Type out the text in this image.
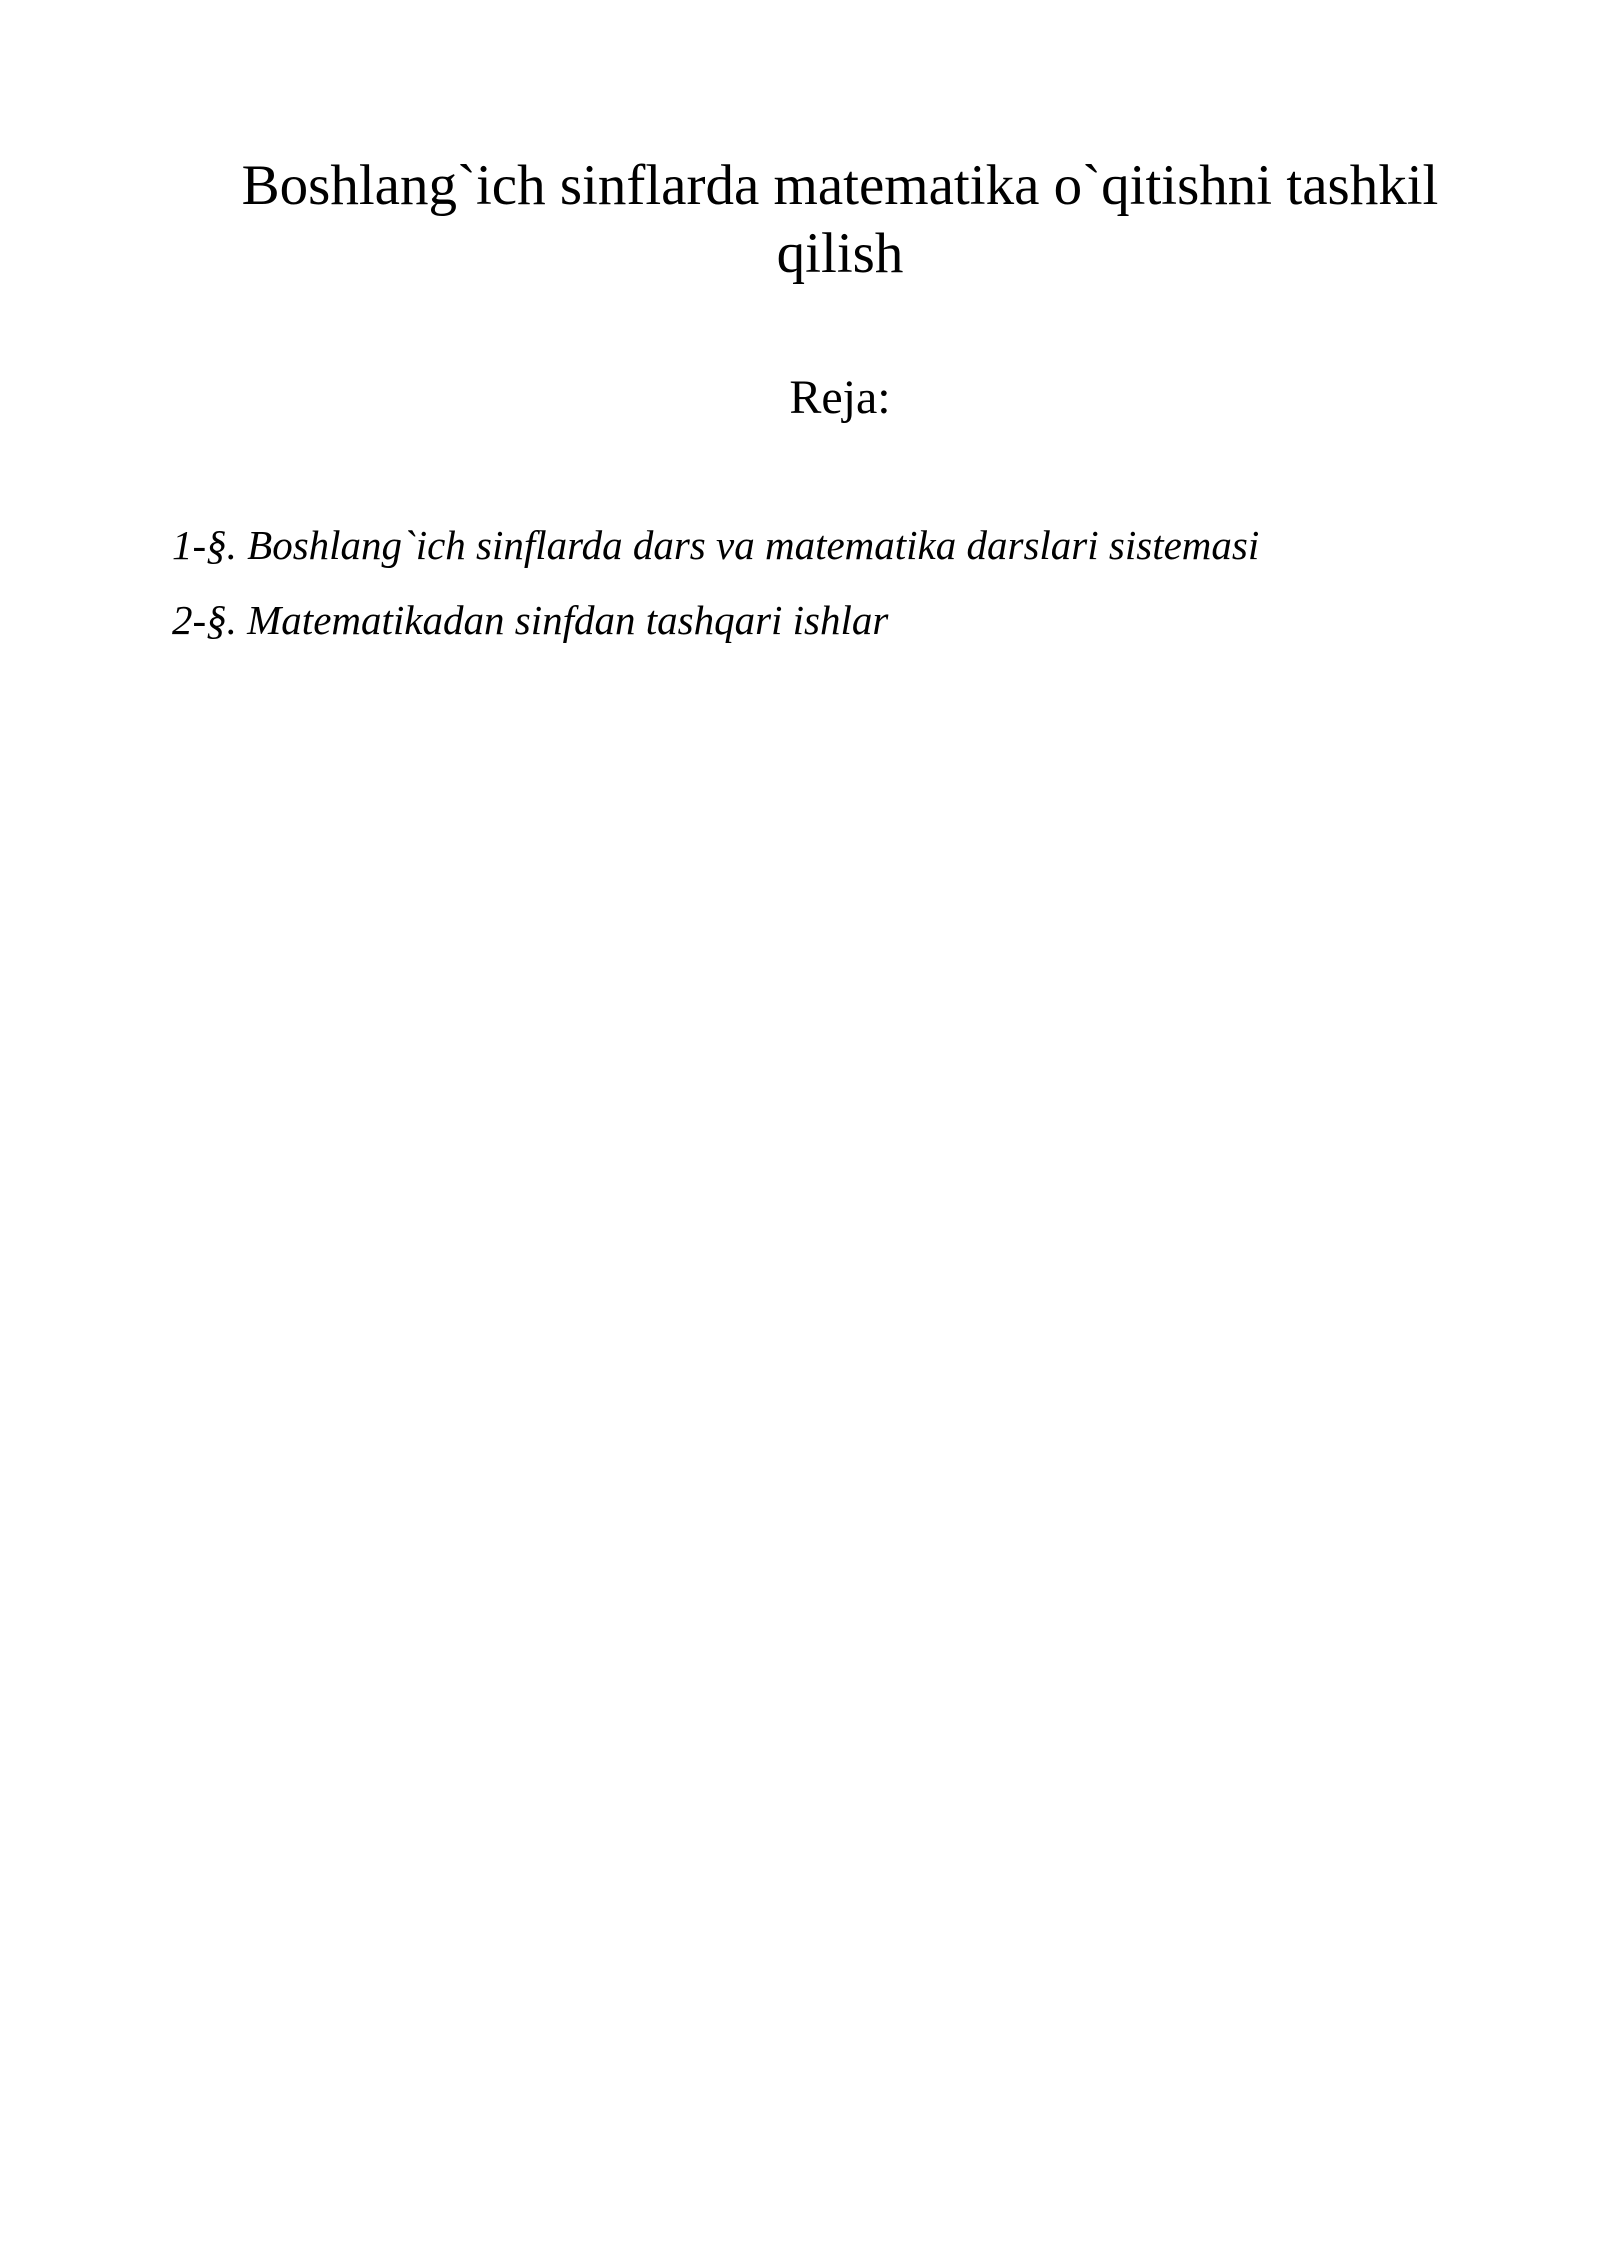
Boshlang`ich sinflarda matematika o`qitishni tashkil qilish
Reja:
1-§. Boshlang`ich sinflarda dars va matematika darslari sistemasi
2-§. Matematikadan sinfdan tashqari ishlar
